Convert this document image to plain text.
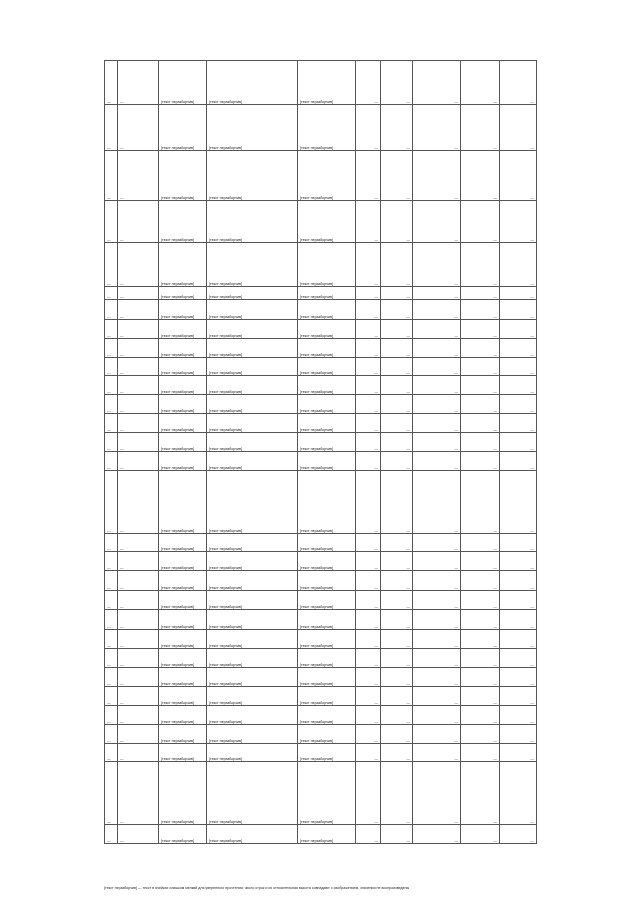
—	—	[текст неразборчив]	[текст неразборчив]	[текст неразборчив]	—	—	—	—	—
—	—	[текст неразборчив]	[текст неразборчив]	[текст неразборчив]	—	—	—	—	—
—	—	[текст неразборчив]	[текст неразборчив]	[текст неразборчив]	—	—	—	—	—
—	—	[текст неразборчив]	[текст неразборчив]	[текст неразборчив]	—	—	—	—	—
—	—	[текст неразборчив]	[текст неразборчив]	[текст неразборчив]	—	—	—	—	—
—	—	[текст неразборчив]	[текст неразборчив]	[текст неразборчив]	—	—	—	—	—
—	—	[текст неразборчив]	[текст неразборчив]	[текст неразборчив]	—	—	—	—	—
—	—	[текст неразборчив]	[текст неразборчив]	[текст неразборчив]	—	—	—	—	—
—	—	[текст неразборчив]	[текст неразборчив]	[текст неразборчив]	—	—	—	—	—
—	—	[текст неразборчив]	[текст неразборчив]	[текст неразборчив]	—	—	—	—	—
—	—	[текст неразборчив]	[текст неразборчив]	[текст неразборчив]	—	—	—	—	—
—	—	[текст неразборчив]	[текст неразборчив]	[текст неразборчив]	—	—	—	—	—
—	—	[текст неразборчив]	[текст неразборчив]	[текст неразборчив]	—	—	—	—	—
—	—	[текст неразборчив]	[текст неразборчив]	[текст неразборчив]	—	—	—	—	—
—	—	[текст неразборчив]	[текст неразборчив]	[текст неразборчив]	—	—	—	—	—
—	—	[текст неразборчив]	[текст неразборчив]	[текст неразборчив]	—	—	—	—	—
—	—	[текст неразборчив]	[текст неразборчив]	[текст неразборчив]	—	—	—	—	—
—	—	[текст неразборчив]	[текст неразборчив]	[текст неразборчив]	—	—	—	—	—
—	—	[текст неразборчив]	[текст неразборчив]	[текст неразборчив]	—	—	—	—	—
—	—	[текст неразборчив]	[текст неразборчив]	[текст неразборчив]	—	—	—	—	—
—	—	[текст неразборчив]	[текст неразборчив]	[текст неразборчив]	—	—	—	—	—
—	—	[текст неразборчив]	[текст неразборчив]	[текст неразборчив]	—	—	—	—	—
—	—	[текст неразборчив]	[текст неразборчив]	[текст неразборчив]	—	—	—	—	—
—	—	[текст неразборчив]	[текст неразборчив]	[текст неразборчив]	—	—	—	—	—
—	—	[текст неразборчив]	[текст неразборчив]	[текст неразборчив]	—	—	—	—	—
—	—	[текст неразборчив]	[текст неразборчив]	[текст неразборчив]	—	—	—	—	—
—	—	[текст неразборчив]	[текст неразборчив]	[текст неразборчив]	—	—	—	—	—
—	—	[текст неразборчив]	[текст неразборчив]	[текст неразборчив]	—	—	—	—	—
—	—	[текст неразборчив]	[текст неразборчив]	[текст неразборчив]	—	—	—	—	—
—	—	[текст неразборчив]	[текст неразборчив]	[текст неразборчив]	—	—	—	—	—
[текст неразборчив] — текст в ячейках слишком мелкий для уверенного прочтения; число строк и их относительная высота совпадают с изображением, значения не воспроизведены
